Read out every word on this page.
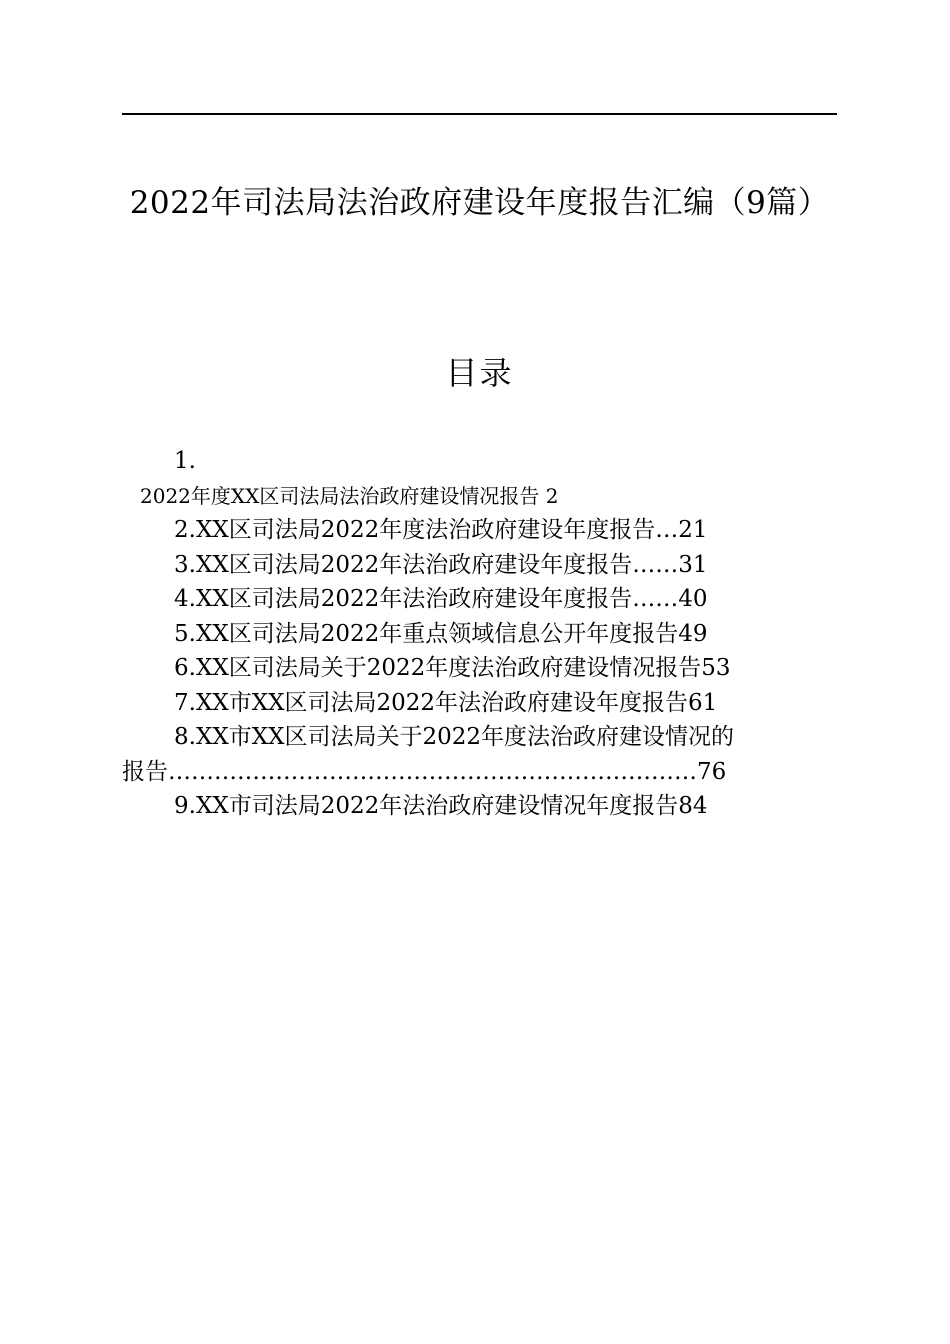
2022年司法局法治政府建设年度报告汇编（9篇）
目录
1.
2022年度XX区司法局法治政府建设情况报告 2
2.XX区司法局2022年度法治政府建设年度报告…21
3.XX区司法局2022年法治政府建设年度报告……31
4.XX区司法局2022年法治政府建设年度报告……40
5.XX区司法局2022年重点领域信息公开年度报告49
6.XX区司法局关于2022年度法治政府建设情况报告53
7.XX市XX区司法局2022年法治政府建设年度报告61
8.XX市XX区司法局关于2022年度法治政府建设情况的
报告……………………………………………………………76
9.XX市司法局2022年法治政府建设情况年度报告84
